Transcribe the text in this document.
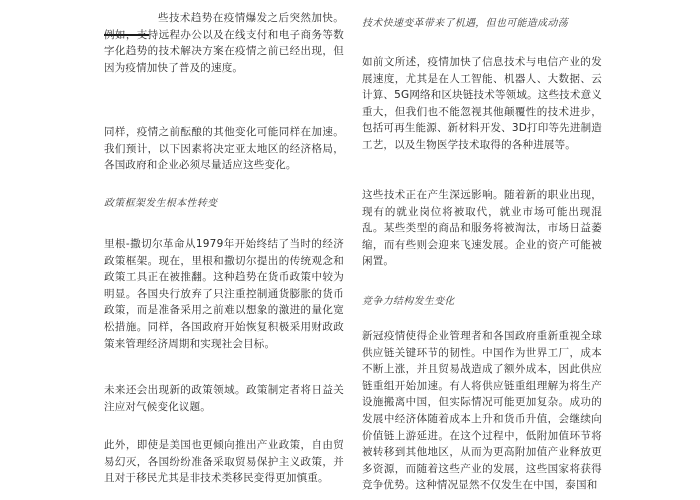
些技术趋势在疫情爆发之后突然加快。例如，支持远程办公以及在线支付和电子商务等数字化趋势的技术解决方案在疫情之前已经出现，但因为疫情加快了普及的速度。

同样，疫情之前酝酿的其他变化可能同样在加速。我们预计，以下因素将决定亚太地区的经济格局，各国政府和企业必须尽量适应这些变化。

政策框架发生根本性转变

里根-撒切尔革命从1979年开始终结了当时的经济政策框架。现在，里根和撒切尔提出的传统观念和政策工具正在被推翻。这种趋势在货币政策中较为明显。各国央行放弃了只注重控制通货膨胀的货币政策，而是准备采用之前难以想象的激进的量化宽松措施。同样，各国政府开始恢复积极采用财政政策来管理经济周期和实现社会目标。

未来还会出现新的政策领域。政策制定者将日益关注应对气候变化议题。

此外，即使是美国也更倾向推出产业政策，自由贸易幻灭，各国纷纷准备采取贸易保护主义政策，并且对于移民尤其是非技术类移民变得更加慎重。

技术快速变革带来了机遇，但也可能造成动荡

如前文所述，疫情加快了信息技术与电信产业的发展速度，尤其是在人工智能、机器人、大数据、云计算、5G网络和区块链技术等领域。这些技术意义重大，但我们也不能忽视其他颠覆性的技术进步，包括可再生能源、新材料开发、3D打印等先进制造工艺，以及生物医学技术取得的各种进展等。

这些技术正在产生深远影响。随着新的职业出现，现有的就业岗位将被取代，就业市场可能出现混乱。某些类型的商品和服务将被淘汰，市场日益萎缩，而有些则会迎来飞速发展。企业的资产可能被闲置。

竞争力结构发生变化

新冠疫情使得企业管理者和各国政府重新重视全球供应链关键环节的韧性。中国作为世界工厂，成本不断上涨，并且贸易战造成了额外成本，因此供应链重组开始加速。有人将供应链重组理解为将生产设施搬离中国，但实际情况可能更加复杂。成功的发展中经济体随着成本上升和货币升值，会继续向价值链上游延进。在这个过程中，低附加值环节将被转移到其他地区，从而为更高附加值产业释放更多资源，而随着这些产业的发展，这些国家将获得竞争优势。这种情况显然不仅发生在中国，泰国和
